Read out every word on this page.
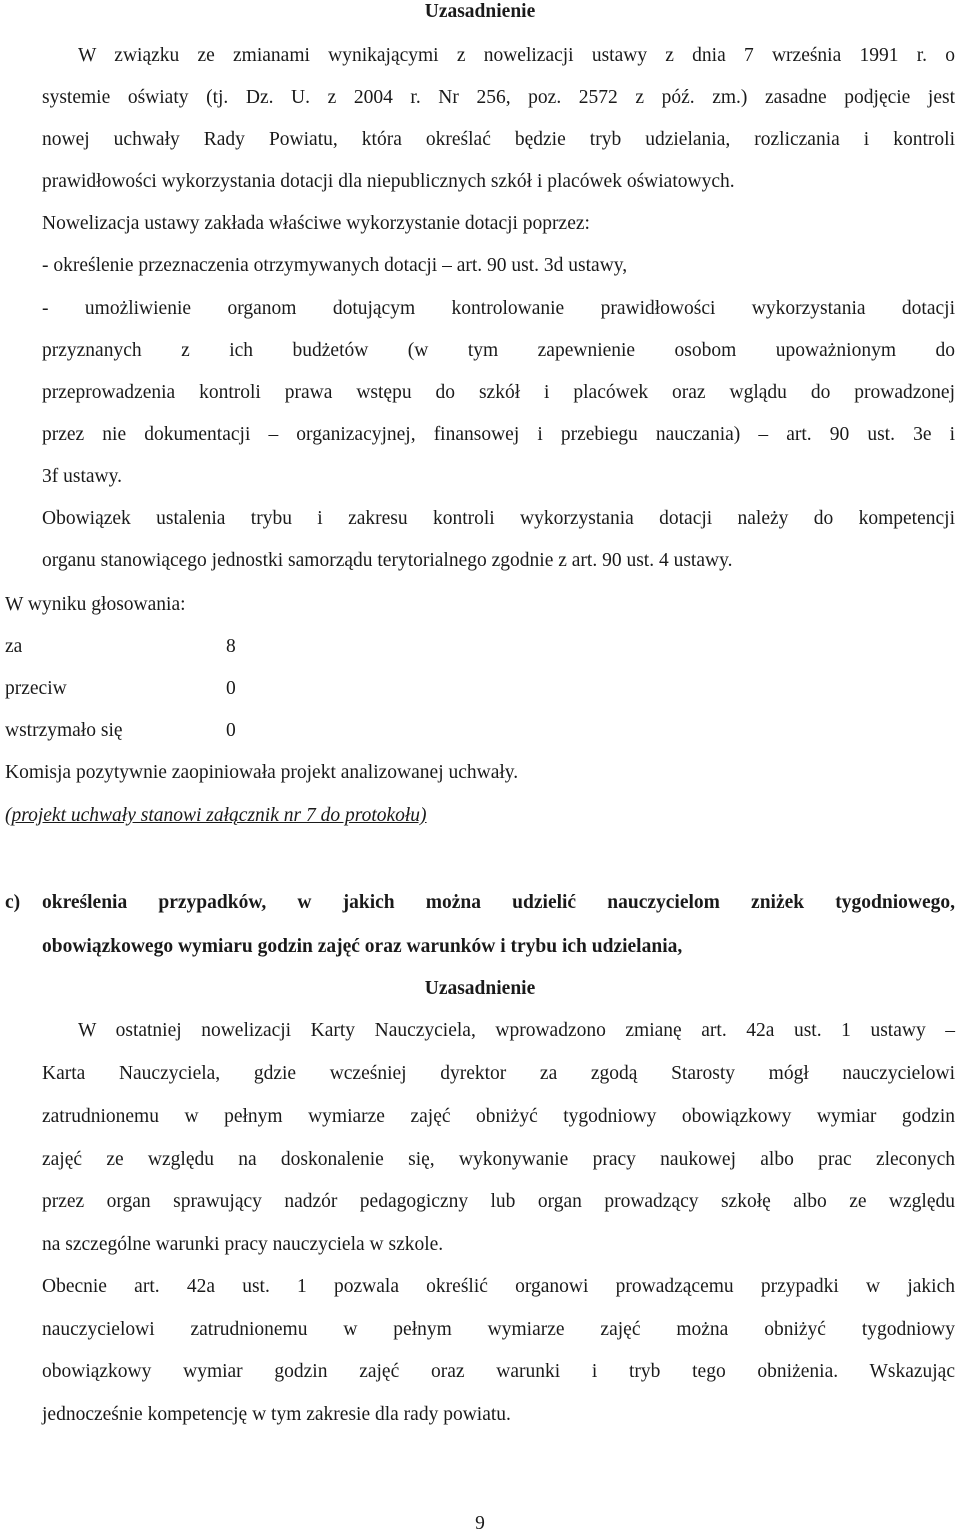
Uzasadnienie
W związku ze zmianami wynikającymi z nowelizacji ustawy z dnia 7 września 1991 r. o
systemie oświaty (tj. Dz. U. z 2004 r. Nr 256, poz. 2572 z póź. zm.) zasadne podjęcie jest
nowej uchwały Rady Powiatu, która określać będzie tryb udzielania, rozliczania i kontroli
prawidłowości wykorzystania dotacji dla niepublicznych szkół i placówek oświatowych.
Nowelizacja ustawy zakłada właściwe wykorzystanie dotacji poprzez:
- określenie przeznaczenia otrzymywanych dotacji – art. 90 ust. 3d ustawy,
- umożliwienie organom dotującym kontrolowanie prawidłowości wykorzystania dotacji
przyznanych z ich budżetów (w tym zapewnienie osobom upoważnionym do
przeprowadzenia kontroli prawa wstępu do szkół i placówek oraz wglądu do prowadzonej
przez nie dokumentacji – organizacyjnej, finansowej i przebiegu nauczania) – art. 90 ust. 3e i
3f ustawy.
Obowiązek ustalenia trybu i zakresu kontroli wykorzystania dotacji należy do kompetencji
organu stanowiącego jednostki samorządu terytorialnego zgodnie z art. 90 ust. 4 ustawy.
W wyniku głosowania:
za	8
przeciw	0
wstrzymało się	0
Komisja pozytywnie zaopiniowała projekt analizowanej uchwały.
(projekt uchwały stanowi załącznik nr 7 do protokołu)
c) określenia przypadków, w jakich można udzielić nauczycielom zniżek tygodniowego,
obowiązkowego wymiaru godzin zajęć oraz warunków i trybu ich udzielania,
Uzasadnienie
W ostatniej nowelizacji Karty Nauczyciela, wprowadzono zmianę art. 42a ust. 1 ustawy –
Karta Nauczyciela, gdzie wcześniej dyrektor za zgodą Starosty mógł nauczycielowi
zatrudnionemu w pełnym wymiarze zajęć obniżyć tygodniowy obowiązkowy wymiar godzin
zajęć ze względu na doskonalenie się, wykonywanie pracy naukowej albo prac zleconych
przez organ sprawujący nadzór pedagogiczny lub organ prowadzący szkołę albo ze względu
na szczególne warunki pracy nauczyciela w szkole.
Obecnie art. 42a ust. 1 pozwala określić organowi prowadzącemu przypadki w jakich
nauczycielowi zatrudnionemu w pełnym wymiarze zajęć można obniżyć tygodniowy
obowiązkowy wymiar godzin zajęć oraz warunki i tryb tego obniżenia. Wskazując
jednocześnie kompetencję w tym zakresie dla rady powiatu.
9
